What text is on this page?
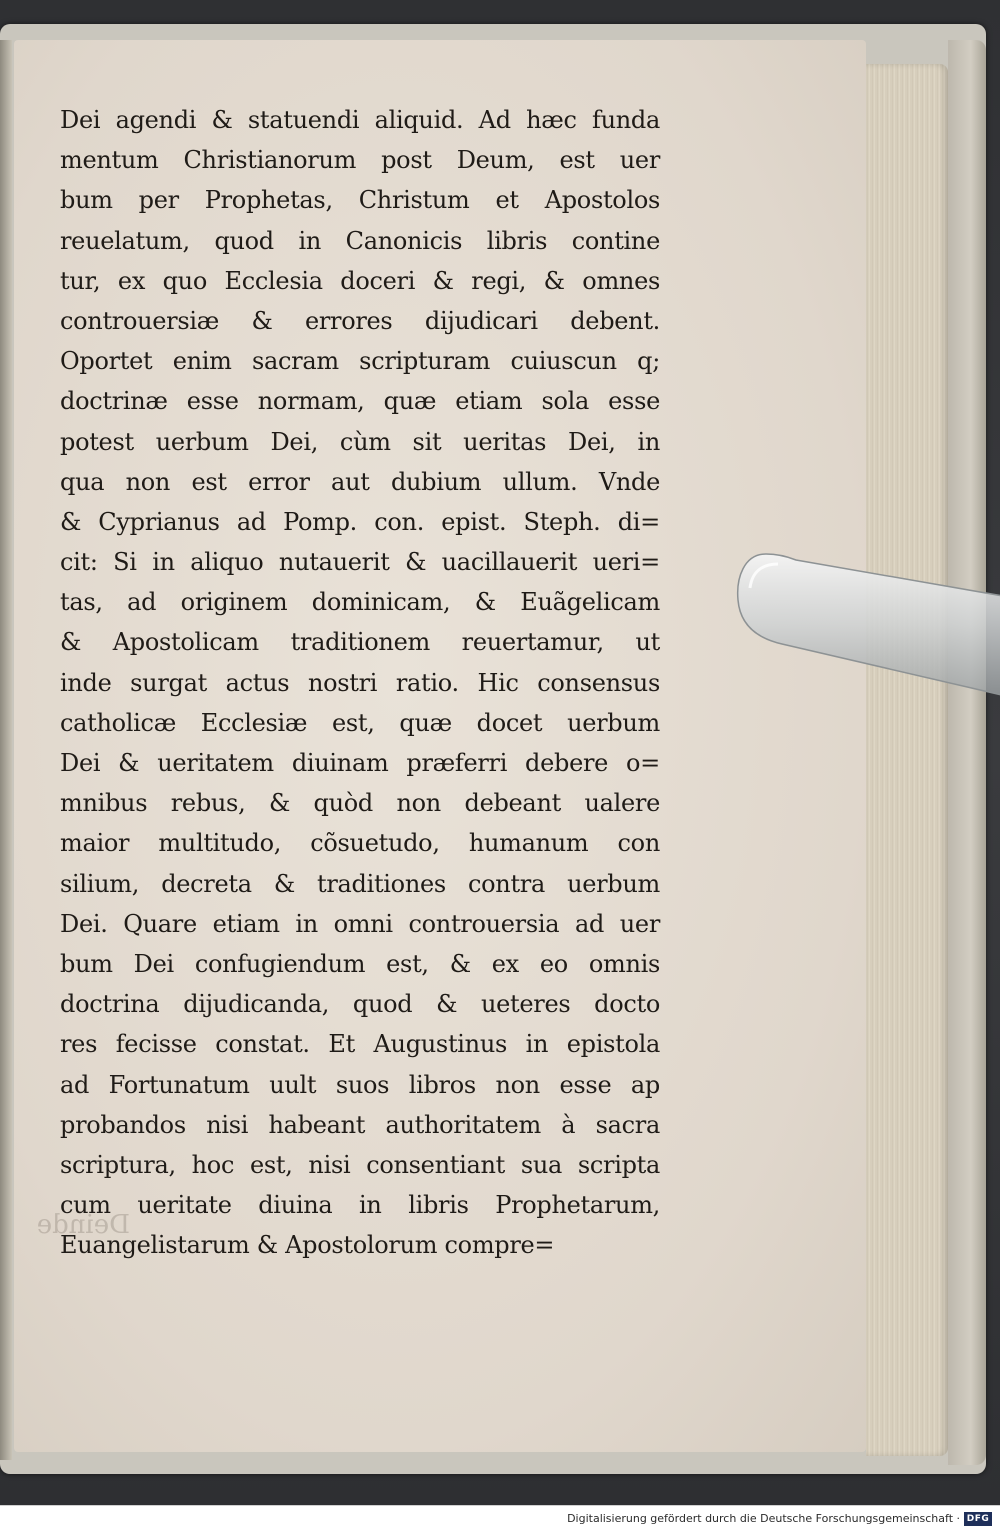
Deinde
Dei agendi & statuendi aliquid. Ad hæc funda
mentum Christianorum post Deum, est uer
bum per Prophetas, Christum et Apostolos
reuelatum, quod in Canonicis libris contine
tur, ex quo Ecclesia doceri & regi, & omnes
controuersiæ & errores dijudicari debent.
Oportet enim sacram scripturam cuiuscun q;
doctrinæ esse normam, quæ etiam sola esse
potest uerbum Dei, cùm sit ueritas Dei, in
qua non est error aut dubium ullum. Vnde
& Cyprianus ad Pomp. con. epist. Steph. di=
cit: Si in aliquo nutauerit & uacillauerit ueri=
tas, ad originem dominicam, & Euãgelicam
& Apostolicam traditionem reuertamur, ut
inde surgat actus nostri ratio. Hic consensus
catholicæ Ecclesiæ est, quæ docet uerbum
Dei & ueritatem diuinam præferri debere o=
mnibus rebus, & quòd non debeant ualere
maior multitudo, cõsuetudo, humanum con
silium, decreta & traditiones contra uerbum
Dei. Quare etiam in omni controuersia ad uer
bum Dei confugiendum est, & ex eo omnis
doctrina dijudicanda, quod & ueteres docto
res fecisse constat. Et Augustinus in epistola
ad Fortunatum uult suos libros non esse ap
probandos nisi habeant authoritatem à sacra
scriptura, hoc est, nisi consentiant sua scripta
cum ueritate diuina in libris Prophetarum,
Euangelistarum & Apostolorum compre=
Digitalisierung gefördert durch die Deutsche Forschungsgemeinschaft · DFG
